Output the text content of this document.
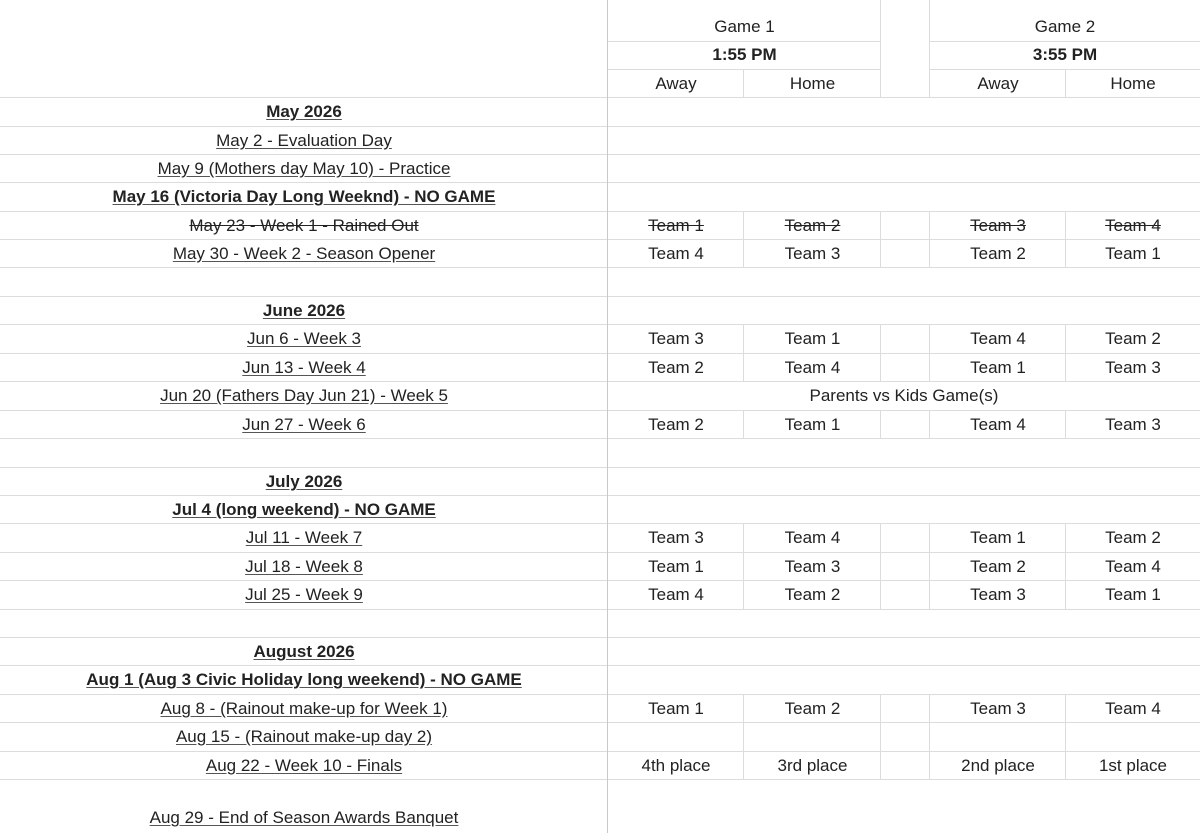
Game 1	Game 2
1:55 PM	3:55 PM
Away	Home	Away	Home
May 2026
May 2 - Evaluation Day
May 9 (Mothers day May 10) - Practice
May 16 (Victoria Day Long Weeknd) - NO GAME
May 23 - Week 1 - Rained Out	Team 1	Team 2	Team 3	Team 4
May 30 - Week 2 - Season Opener	Team 4	Team 3	Team 2	Team 1
June 2026
Jun 6 - Week 3	Team 3	Team 1	Team 4	Team 2
Jun 13 - Week 4	Team 2	Team 4	Team 1	Team 3
Jun 20 (Fathers Day Jun 21) - Week 5	Parents vs Kids Game(s)
Jun 27 - Week 6	Team 2	Team 1	Team 4	Team 3
July 2026
Jul 4 (long weekend) - NO GAME
Jul 11 - Week 7	Team 3	Team 4	Team 1	Team 2
Jul 18 - Week 8	Team 1	Team 3	Team 2	Team 4
Jul 25 - Week 9	Team 4	Team 2	Team 3	Team 1
August 2026
Aug 1 (Aug 3 Civic Holiday long weekend) - NO GAME
Aug 8 - (Rainout make-up for Week 1)	Team 1	Team 2	Team 3	Team 4
Aug 15 - (Rainout make-up day 2)
Aug 22 - Week 10 - Finals	4th place	3rd place	2nd place	1st place
Aug 29 - End of Season Awards Banquet
